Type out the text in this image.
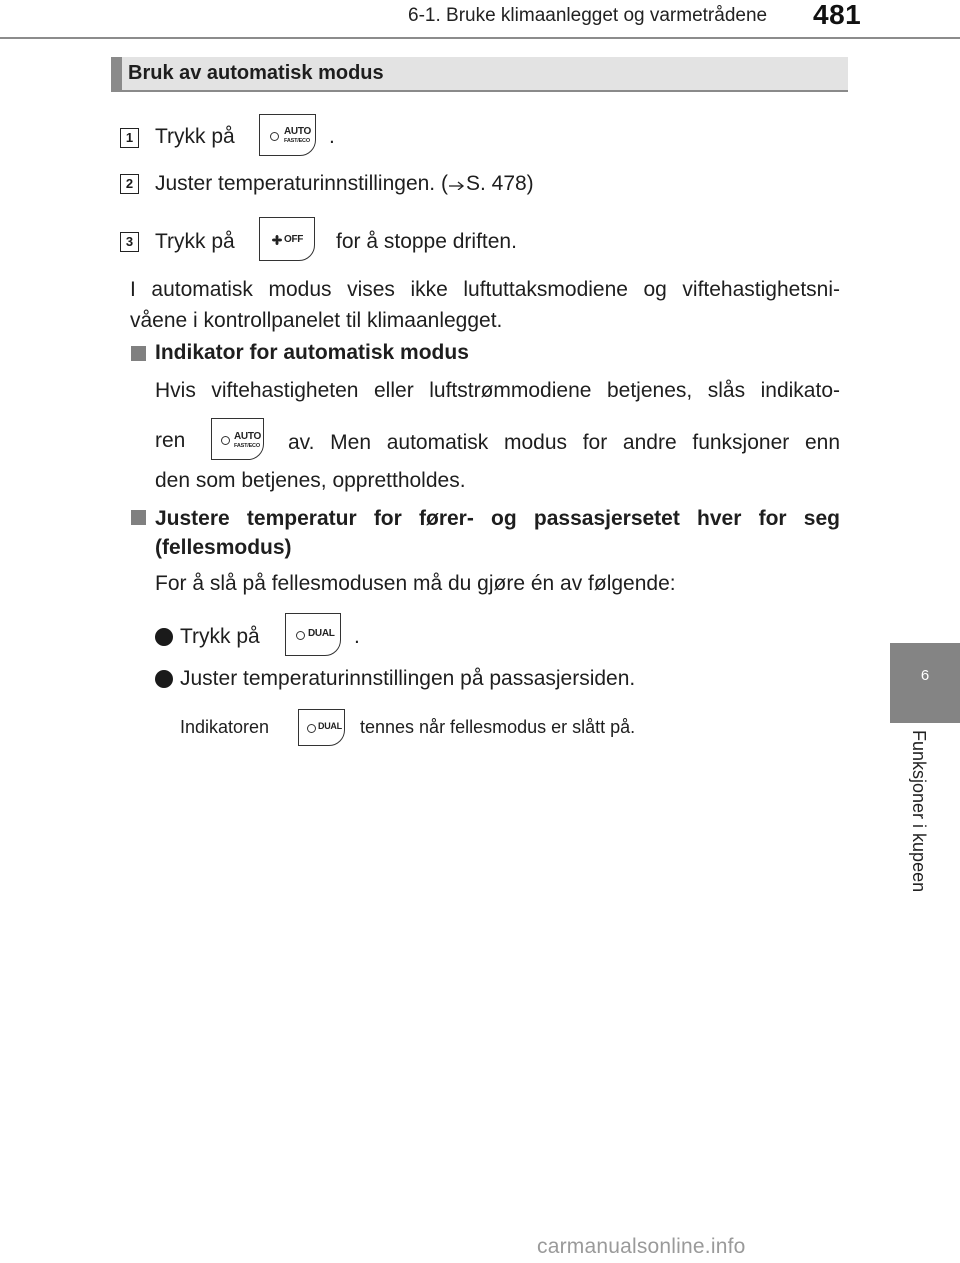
6-1. Bruke klimaanlegget og varmetrådene 481
6
Funksjoner i kupeen
Bruk av automatisk modus
1 Trykk på	AUTO
FAST/ECO .
2 Juster temperaturinnstillingen. ( S. 478)
3 Trykk på	OFF for å stoppe driften.
I automatisk modus vises ikke luftuttaksmodiene og viftehastighetsni-
våene i kontrollpanelet til klimaanlegget.
Indikator for automatisk modus
Hvis viftehastigheten eller luftstrømmodiene betjenes, slås indikato-
ren	AUTO
FAST/ECO av. Men automatisk modus for andre funksjoner enn
den som betjenes, opprettholdes.
Justere temperatur for fører- og passasjersetet hver for seg
(fellesmodus)
For å slå på fellesmodusen må du gjøre én av følgende:
Trykk på	DUAL .
Juster temperaturinnstillingen på passasjersiden.
Indikatoren	DUAL tennes når fellesmodus er slått på.
carmanualsonline.info
